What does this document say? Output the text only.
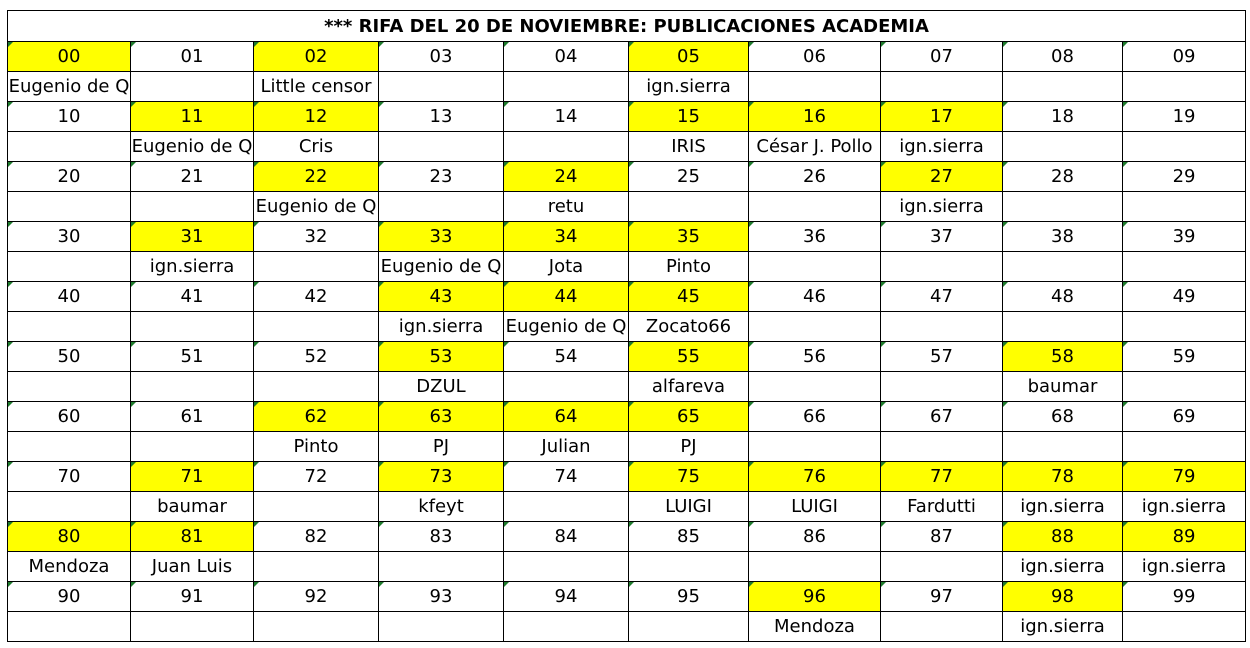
*** RIFA DEL 20 DE NOVIEMBRE: PUBLICACIONES ACADEMIA									

00	01	02	03	04	05	06	07	08	09
Eugenio de Q		Little censor			ign.sierra				

10	11	12	13	14	15	16	17	18	19
	Eugenio de Q	Cris			IRIS	César J. Pollo	ign.sierra		

20	21	22	23	24	25	26	27	28	29
		Eugenio de Q		retu			ign.sierra		

30	31	32	33	34	35	36	37	38	39
	ign.sierra		Eugenio de Q	Jota	Pinto				

40	41	42	43	44	45	46	47	48	49
			ign.sierra	Eugenio de Q	Zocato66				

50	51	52	53	54	55	56	57	58	59
			DZUL		alfareva			baumar	

60	61	62	63	64	65	66	67	68	69
		Pinto	PJ	Julian	PJ				

70	71	72	73	74	75	76	77	78	79
	baumar		kfeyt		LUIGI	LUIGI	Fardutti	ign.sierra	ign.sierra

80	81	82	83	84	85	86	87	88	89
Mendoza	Juan Luis							ign.sierra	ign.sierra

90	91	92	93	94	95	96	97	98	99
						Mendoza		ign.sierra	
